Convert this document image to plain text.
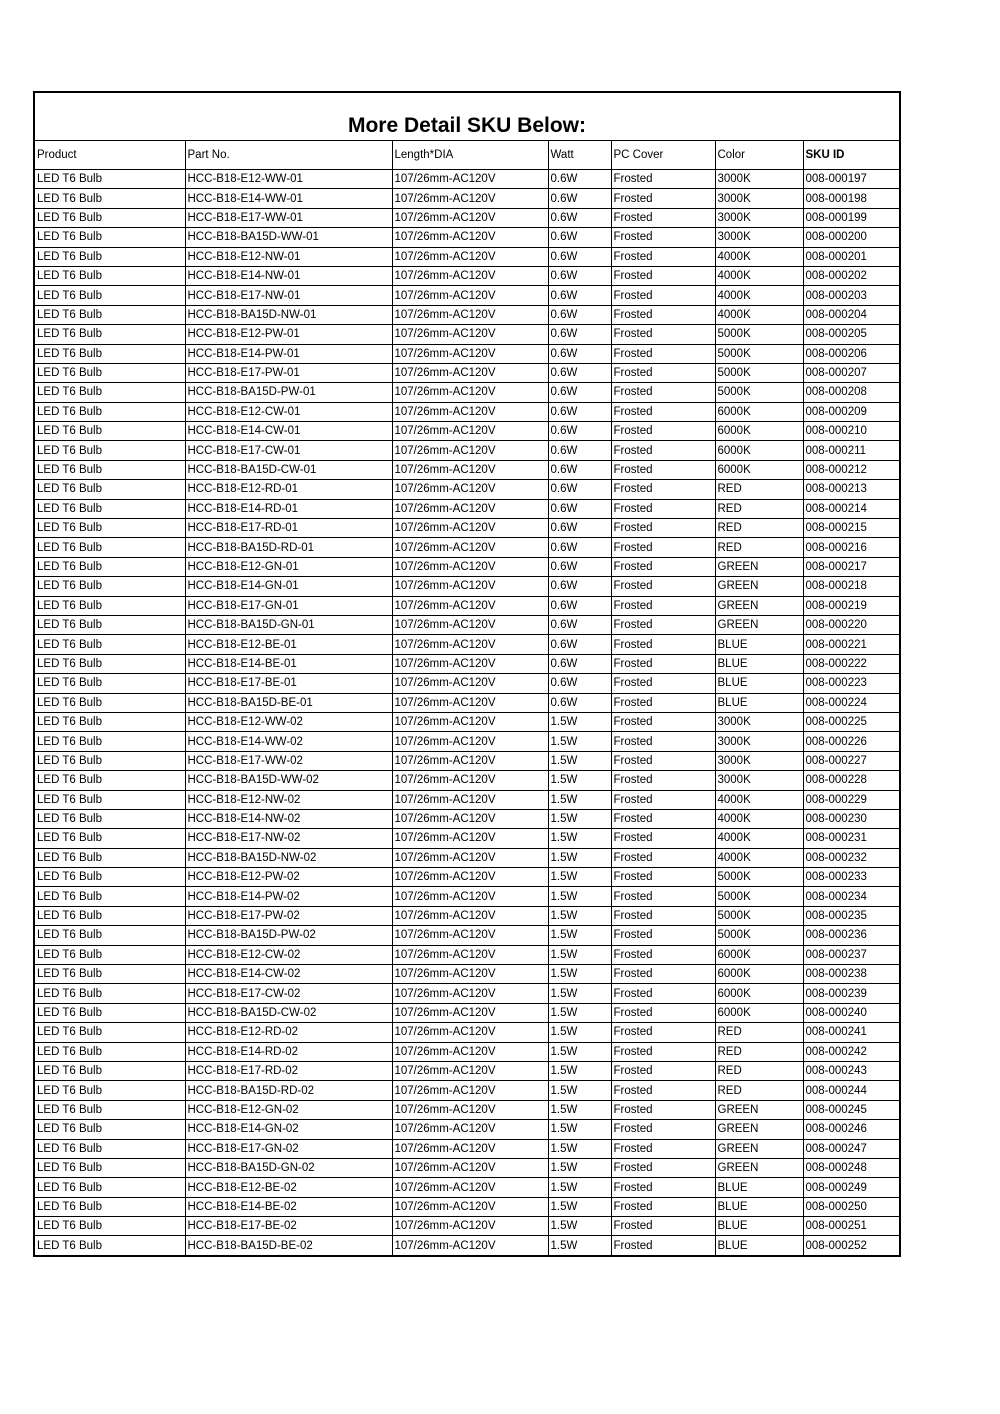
More Detail SKU Below:
Product	Part No.	Length*DIA	Watt	PC Cover	Color	SKU ID
LED T6 Bulb	HCC-B18-E12-WW-01	107/26mm-AC120V	0.6W	Frosted	3000K	008-000197
LED T6 Bulb	HCC-B18-E14-WW-01	107/26mm-AC120V	0.6W	Frosted	3000K	008-000198
LED T6 Bulb	HCC-B18-E17-WW-01	107/26mm-AC120V	0.6W	Frosted	3000K	008-000199
LED T6 Bulb	HCC-B18-BA15D-WW-01	107/26mm-AC120V	0.6W	Frosted	3000K	008-000200
LED T6 Bulb	HCC-B18-E12-NW-01	107/26mm-AC120V	0.6W	Frosted	4000K	008-000201
LED T6 Bulb	HCC-B18-E14-NW-01	107/26mm-AC120V	0.6W	Frosted	4000K	008-000202
LED T6 Bulb	HCC-B18-E17-NW-01	107/26mm-AC120V	0.6W	Frosted	4000K	008-000203
LED T6 Bulb	HCC-B18-BA15D-NW-01	107/26mm-AC120V	0.6W	Frosted	4000K	008-000204
LED T6 Bulb	HCC-B18-E12-PW-01	107/26mm-AC120V	0.6W	Frosted	5000K	008-000205
LED T6 Bulb	HCC-B18-E14-PW-01	107/26mm-AC120V	0.6W	Frosted	5000K	008-000206
LED T6 Bulb	HCC-B18-E17-PW-01	107/26mm-AC120V	0.6W	Frosted	5000K	008-000207
LED T6 Bulb	HCC-B18-BA15D-PW-01	107/26mm-AC120V	0.6W	Frosted	5000K	008-000208
LED T6 Bulb	HCC-B18-E12-CW-01	107/26mm-AC120V	0.6W	Frosted	6000K	008-000209
LED T6 Bulb	HCC-B18-E14-CW-01	107/26mm-AC120V	0.6W	Frosted	6000K	008-000210
LED T6 Bulb	HCC-B18-E17-CW-01	107/26mm-AC120V	0.6W	Frosted	6000K	008-000211
LED T6 Bulb	HCC-B18-BA15D-CW-01	107/26mm-AC120V	0.6W	Frosted	6000K	008-000212
LED T6 Bulb	HCC-B18-E12-RD-01	107/26mm-AC120V	0.6W	Frosted	RED	008-000213
LED T6 Bulb	HCC-B18-E14-RD-01	107/26mm-AC120V	0.6W	Frosted	RED	008-000214
LED T6 Bulb	HCC-B18-E17-RD-01	107/26mm-AC120V	0.6W	Frosted	RED	008-000215
LED T6 Bulb	HCC-B18-BA15D-RD-01	107/26mm-AC120V	0.6W	Frosted	RED	008-000216
LED T6 Bulb	HCC-B18-E12-GN-01	107/26mm-AC120V	0.6W	Frosted	GREEN	008-000217
LED T6 Bulb	HCC-B18-E14-GN-01	107/26mm-AC120V	0.6W	Frosted	GREEN	008-000218
LED T6 Bulb	HCC-B18-E17-GN-01	107/26mm-AC120V	0.6W	Frosted	GREEN	008-000219
LED T6 Bulb	HCC-B18-BA15D-GN-01	107/26mm-AC120V	0.6W	Frosted	GREEN	008-000220
LED T6 Bulb	HCC-B18-E12-BE-01	107/26mm-AC120V	0.6W	Frosted	BLUE	008-000221
LED T6 Bulb	HCC-B18-E14-BE-01	107/26mm-AC120V	0.6W	Frosted	BLUE	008-000222
LED T6 Bulb	HCC-B18-E17-BE-01	107/26mm-AC120V	0.6W	Frosted	BLUE	008-000223
LED T6 Bulb	HCC-B18-BA15D-BE-01	107/26mm-AC120V	0.6W	Frosted	BLUE	008-000224
LED T6 Bulb	HCC-B18-E12-WW-02	107/26mm-AC120V	1.5W	Frosted	3000K	008-000225
LED T6 Bulb	HCC-B18-E14-WW-02	107/26mm-AC120V	1.5W	Frosted	3000K	008-000226
LED T6 Bulb	HCC-B18-E17-WW-02	107/26mm-AC120V	1.5W	Frosted	3000K	008-000227
LED T6 Bulb	HCC-B18-BA15D-WW-02	107/26mm-AC120V	1.5W	Frosted	3000K	008-000228
LED T6 Bulb	HCC-B18-E12-NW-02	107/26mm-AC120V	1.5W	Frosted	4000K	008-000229
LED T6 Bulb	HCC-B18-E14-NW-02	107/26mm-AC120V	1.5W	Frosted	4000K	008-000230
LED T6 Bulb	HCC-B18-E17-NW-02	107/26mm-AC120V	1.5W	Frosted	4000K	008-000231
LED T6 Bulb	HCC-B18-BA15D-NW-02	107/26mm-AC120V	1.5W	Frosted	4000K	008-000232
LED T6 Bulb	HCC-B18-E12-PW-02	107/26mm-AC120V	1.5W	Frosted	5000K	008-000233
LED T6 Bulb	HCC-B18-E14-PW-02	107/26mm-AC120V	1.5W	Frosted	5000K	008-000234
LED T6 Bulb	HCC-B18-E17-PW-02	107/26mm-AC120V	1.5W	Frosted	5000K	008-000235
LED T6 Bulb	HCC-B18-BA15D-PW-02	107/26mm-AC120V	1.5W	Frosted	5000K	008-000236
LED T6 Bulb	HCC-B18-E12-CW-02	107/26mm-AC120V	1.5W	Frosted	6000K	008-000237
LED T6 Bulb	HCC-B18-E14-CW-02	107/26mm-AC120V	1.5W	Frosted	6000K	008-000238
LED T6 Bulb	HCC-B18-E17-CW-02	107/26mm-AC120V	1.5W	Frosted	6000K	008-000239
LED T6 Bulb	HCC-B18-BA15D-CW-02	107/26mm-AC120V	1.5W	Frosted	6000K	008-000240
LED T6 Bulb	HCC-B18-E12-RD-02	107/26mm-AC120V	1.5W	Frosted	RED	008-000241
LED T6 Bulb	HCC-B18-E14-RD-02	107/26mm-AC120V	1.5W	Frosted	RED	008-000242
LED T6 Bulb	HCC-B18-E17-RD-02	107/26mm-AC120V	1.5W	Frosted	RED	008-000243
LED T6 Bulb	HCC-B18-BA15D-RD-02	107/26mm-AC120V	1.5W	Frosted	RED	008-000244
LED T6 Bulb	HCC-B18-E12-GN-02	107/26mm-AC120V	1.5W	Frosted	GREEN	008-000245
LED T6 Bulb	HCC-B18-E14-GN-02	107/26mm-AC120V	1.5W	Frosted	GREEN	008-000246
LED T6 Bulb	HCC-B18-E17-GN-02	107/26mm-AC120V	1.5W	Frosted	GREEN	008-000247
LED T6 Bulb	HCC-B18-BA15D-GN-02	107/26mm-AC120V	1.5W	Frosted	GREEN	008-000248
LED T6 Bulb	HCC-B18-E12-BE-02	107/26mm-AC120V	1.5W	Frosted	BLUE	008-000249
LED T6 Bulb	HCC-B18-E14-BE-02	107/26mm-AC120V	1.5W	Frosted	BLUE	008-000250
LED T6 Bulb	HCC-B18-E17-BE-02	107/26mm-AC120V	1.5W	Frosted	BLUE	008-000251
LED T6 Bulb	HCC-B18-BA15D-BE-02	107/26mm-AC120V	1.5W	Frosted	BLUE	008-000252
